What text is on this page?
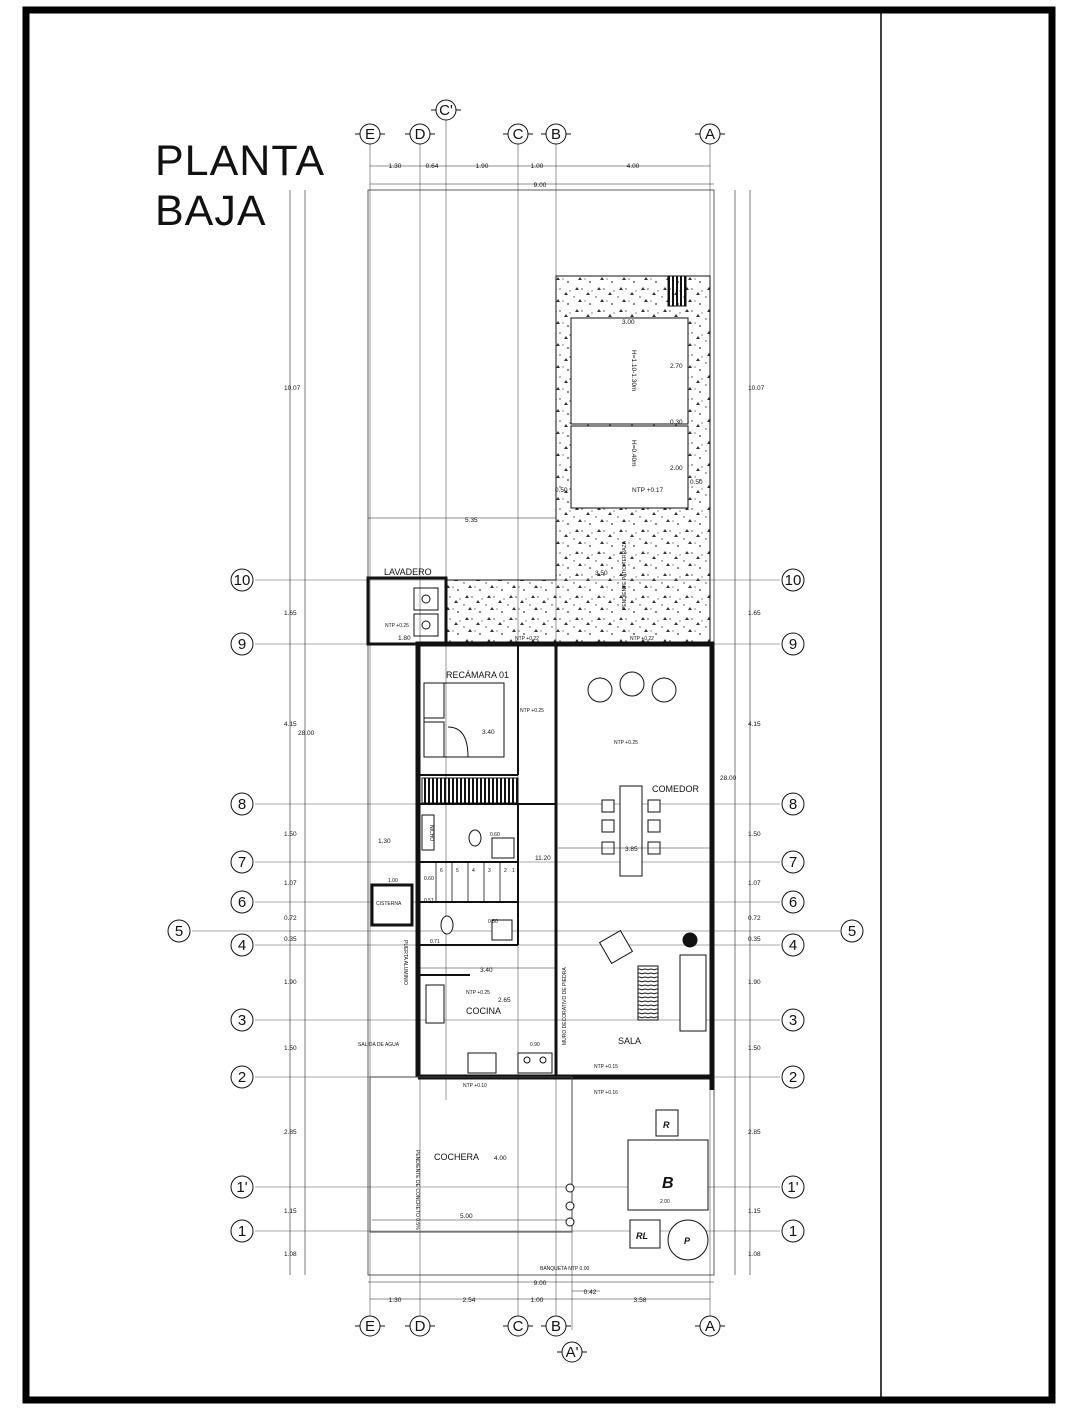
PLANTA
BAJA
E	D
C'
C B	A
E	D	C B
A'
A
10	10
9	9
8	8
7	7
6	6
5	5
4	4
3	3
2	2
1'	1'
1	1
1.30	0.64	1.90	1.00	4.00
9.00
9.00
1.30	2.54	1.00	3.58
0.42
10.07
1.65
4.15
28.00
1.50
1.07
0.72
0.35
1.90
1.50
2.85
1.15
1.08
10.07
1.65
4.15
28.00
1.50
1.07
0.72
0.35
1.90
1.50
2.85
1.15
1.08
3.00
2.70
0.30
2.00
0.50
0.50
NTP +0.17
H=1.10-1.30m
H=0.40m
5.35
3.50
1.80	NTP +0.22	NTP +0.22
NTP +0.25
PENDIENTE PATIO TERRAZA
LAVADERO
RECÁMARA 01
3.40
NTP +0.25
COMEDOR
NTP +0.25
3.85
6	5	4	3	2 1
NICHO
1.30
11.20
0.60
0.60
0.51
0.50
0.71
CISTERNA
1.00
PUERTA ALUMINIO
SALA
MURO DECORATIVO DE PIEDRA
COCINA
3.40
2.65
0.90
NTP +0.25
SALIDA DE AGUA
COCHERA 4.00
5.00
NTP +0.10
PENDIENTE DE CONCRETO 0.5%	B
R
RL	P
2.00
NTP +0.15
NTP +0.16
BANQUETA NTP 0.00
